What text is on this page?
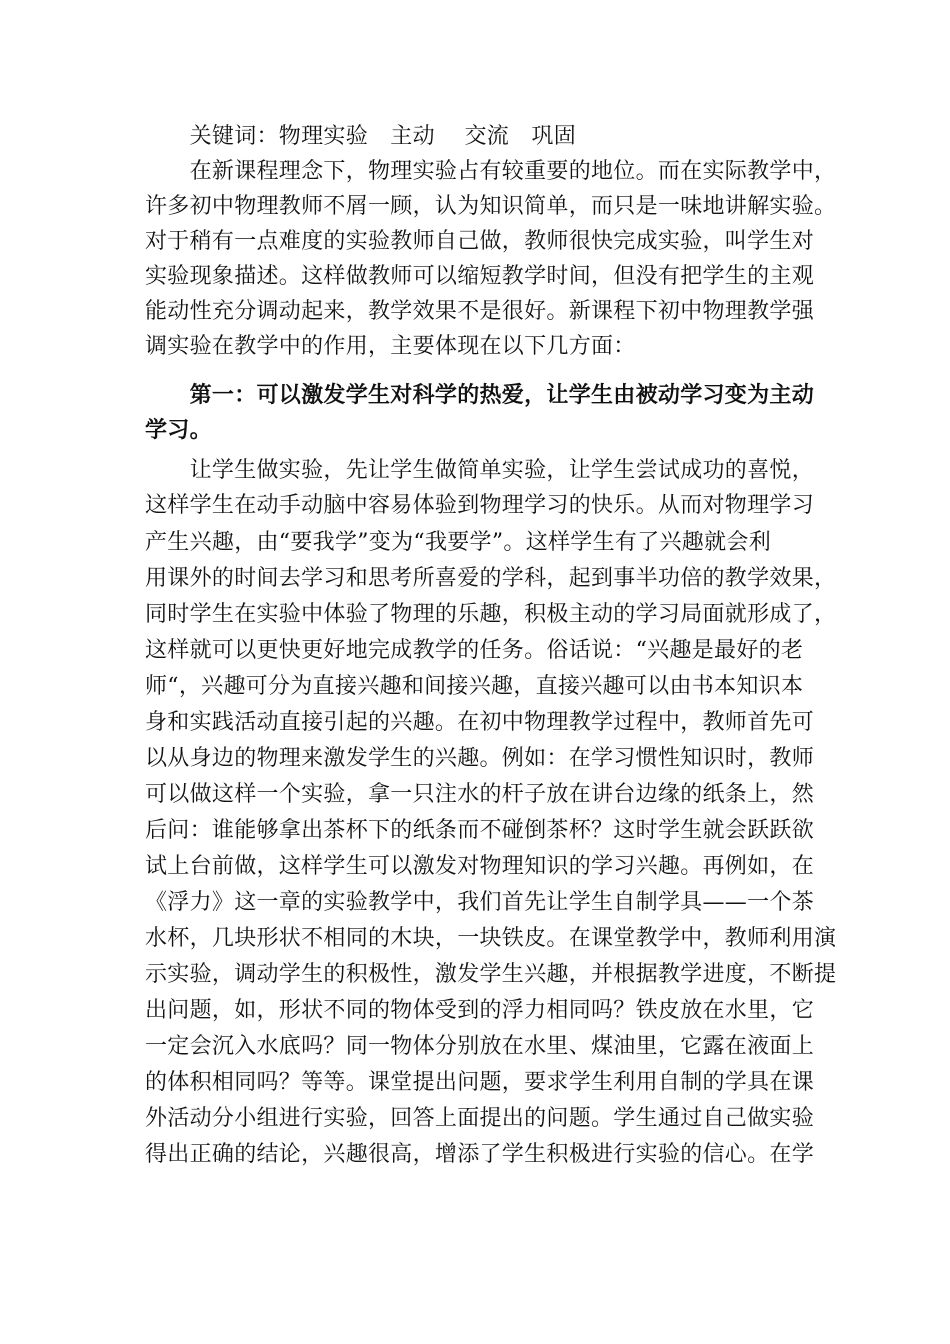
　　关键词：物理实验　主动　 交流　巩固
　　在新课程理念下，物理实验占有较重要的地位。而在实际教学中，
许多初中物理教师不屑一顾，认为知识简单，而只是一味地讲解实验。
对于稍有一点难度的实验教师自己做，教师很快完成实验，叫学生对
实验现象描述。这样做教师可以缩短教学时间，但没有把学生的主观
能动性充分调动起来，教学效果不是很好。新课程下初中物理教学强
调实验在教学中的作用，主要体现在以下几方面：
　　第一：可以激发学生对科学的热爱，让学生由被动学习变为主动
学习。
　　让学生做实验，先让学生做简单实验，让学生尝试成功的喜悦，
这样学生在动手动脑中容易体验到物理学习的快乐。从而对物理学习
产生兴趣，由“要我学”变为“我要学”。这样学生有了兴趣就会利
用课外的时间去学习和思考所喜爱的学科，起到事半功倍的教学效果，
同时学生在实验中体验了物理的乐趣，积极主动的学习局面就形成了，
这样就可以更快更好地完成教学的任务。俗话说：“兴趣是最好的老
师“，兴趣可分为直接兴趣和间接兴趣，直接兴趣可以由书本知识本
身和实践活动直接引起的兴趣。在初中物理教学过程中，教师首先可
以从身边的物理来激发学生的兴趣。例如：在学习惯性知识时，教师
可以做这样一个实验，拿一只注水的杆子放在讲台边缘的纸条上，然
后问：谁能够拿出茶杯下的纸条而不碰倒茶杯？这时学生就会跃跃欲
试上台前做，这样学生可以激发对物理知识的学习兴趣。再例如，在
《浮力》这一章的实验教学中，我们首先让学生自制学具——一个茶
水杯，几块形状不相同的木块，一块铁皮。在课堂教学中，教师利用演
示实验，调动学生的积极性，激发学生兴趣，并根据教学进度，不断提
出问题，如，形状不同的物体受到的浮力相同吗？铁皮放在水里，它
一定会沉入水底吗？同一物体分别放在水里、煤油里，它露在液面上
的体积相同吗？等等。课堂提出问题，要求学生利用自制的学具在课
外活动分小组进行实验，回答上面提出的问题。学生通过自己做实验
得出正确的结论，兴趣很高，增添了学生积极进行实验的信心。在学
